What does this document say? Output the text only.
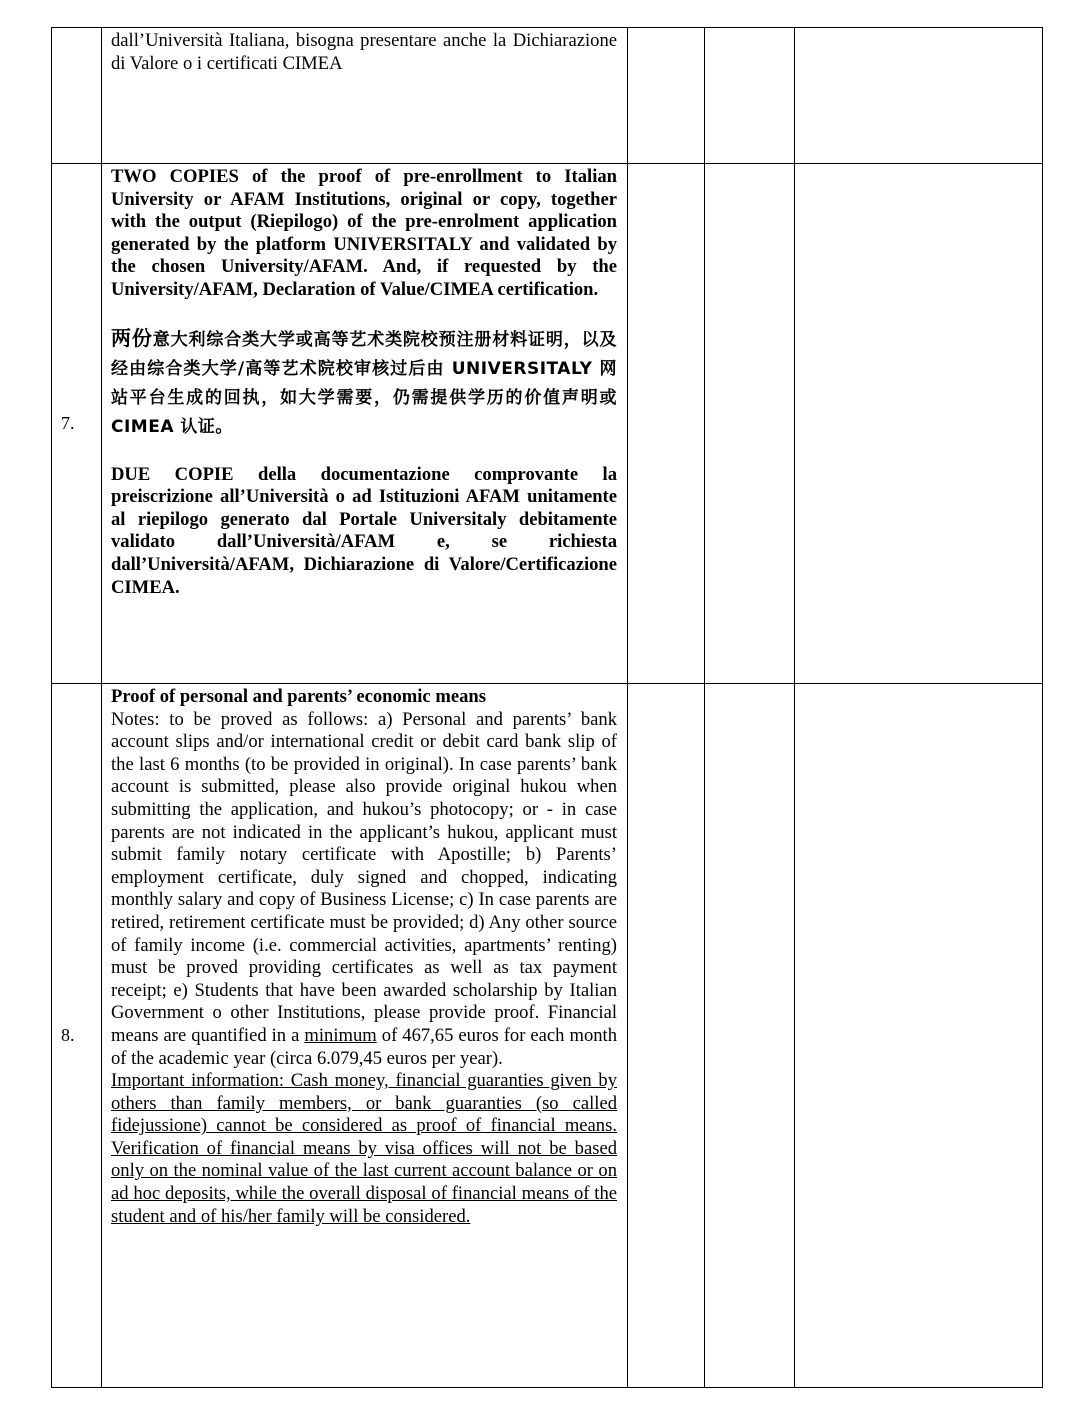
	dall’Università Italiana, bisogna presentare anche la Dichiarazione di Valore o i certificati CIMEA			

7.	TWO COPIES of the proof of pre-enrollment to Italian University or AFAM Institutions, original or copy, together with the output (Riepilogo) of the pre-enrolment application generated by the platform UNIVERSITALY and validated by the chosen University/AFAM. And, if requested by the University/AFAM, Declaration of Value/CIMEA certification.

两份意大利综合类大学或高等艺术类院校预注册材料证明，以及经由综合类大学/高等艺术院校审核过后由 UNIVERSITALY 网站平台生成的回执，如大学需要，仍需提供学历的价值声明或 CIMEA 认证。

DUE COPIE della documentazione comprovante la preiscrizione all’Università o ad Istituzioni AFAM unitamente al riepilogo generato dal Portale Universitaly debitamente validato dall’Università/AFAM e, se richiesta dall’Università/AFAM, Dichiarazione di Valore/Certificazione CIMEA.			

8.	Proof of personal and parents’ economic means

Notes: to be proved as follows: a) Personal and parents’ bank account slips and/or international credit or debit card bank slip of the last 6 months (to be provided in original). In case parents’ bank account is submitted, please also provide original hukou when submitting the application, and hukou’s photocopy; or - in case parents are not indicated in the applicant’s hukou, applicant must submit family notary certificate with Apostille; b) Parents’ employment certificate, duly signed and chopped, indicating monthly salary and copy of Business License; c) In case parents are retired, retirement certificate must be provided; d) Any other source of family income (i.e. commercial activities, apartments’ renting) must be proved providing certificates as well as tax payment receipt; e) Students that have been awarded scholarship by Italian Government o other Institutions, please provide proof. Financial means are quantified in a minimum of 467,65 euros for each month of the academic year (circa 6.079,45 euros per year).

Important information: Cash money, financial guaranties given by others than family members, or bank guaranties (so called fidejussione) cannot be considered as proof of financial means. Verification of financial means by visa offices will not be based only on the nominal value of the last current account balance or on ad hoc deposits, while the overall disposal of financial means of the student and of his/her family will be considered.			
